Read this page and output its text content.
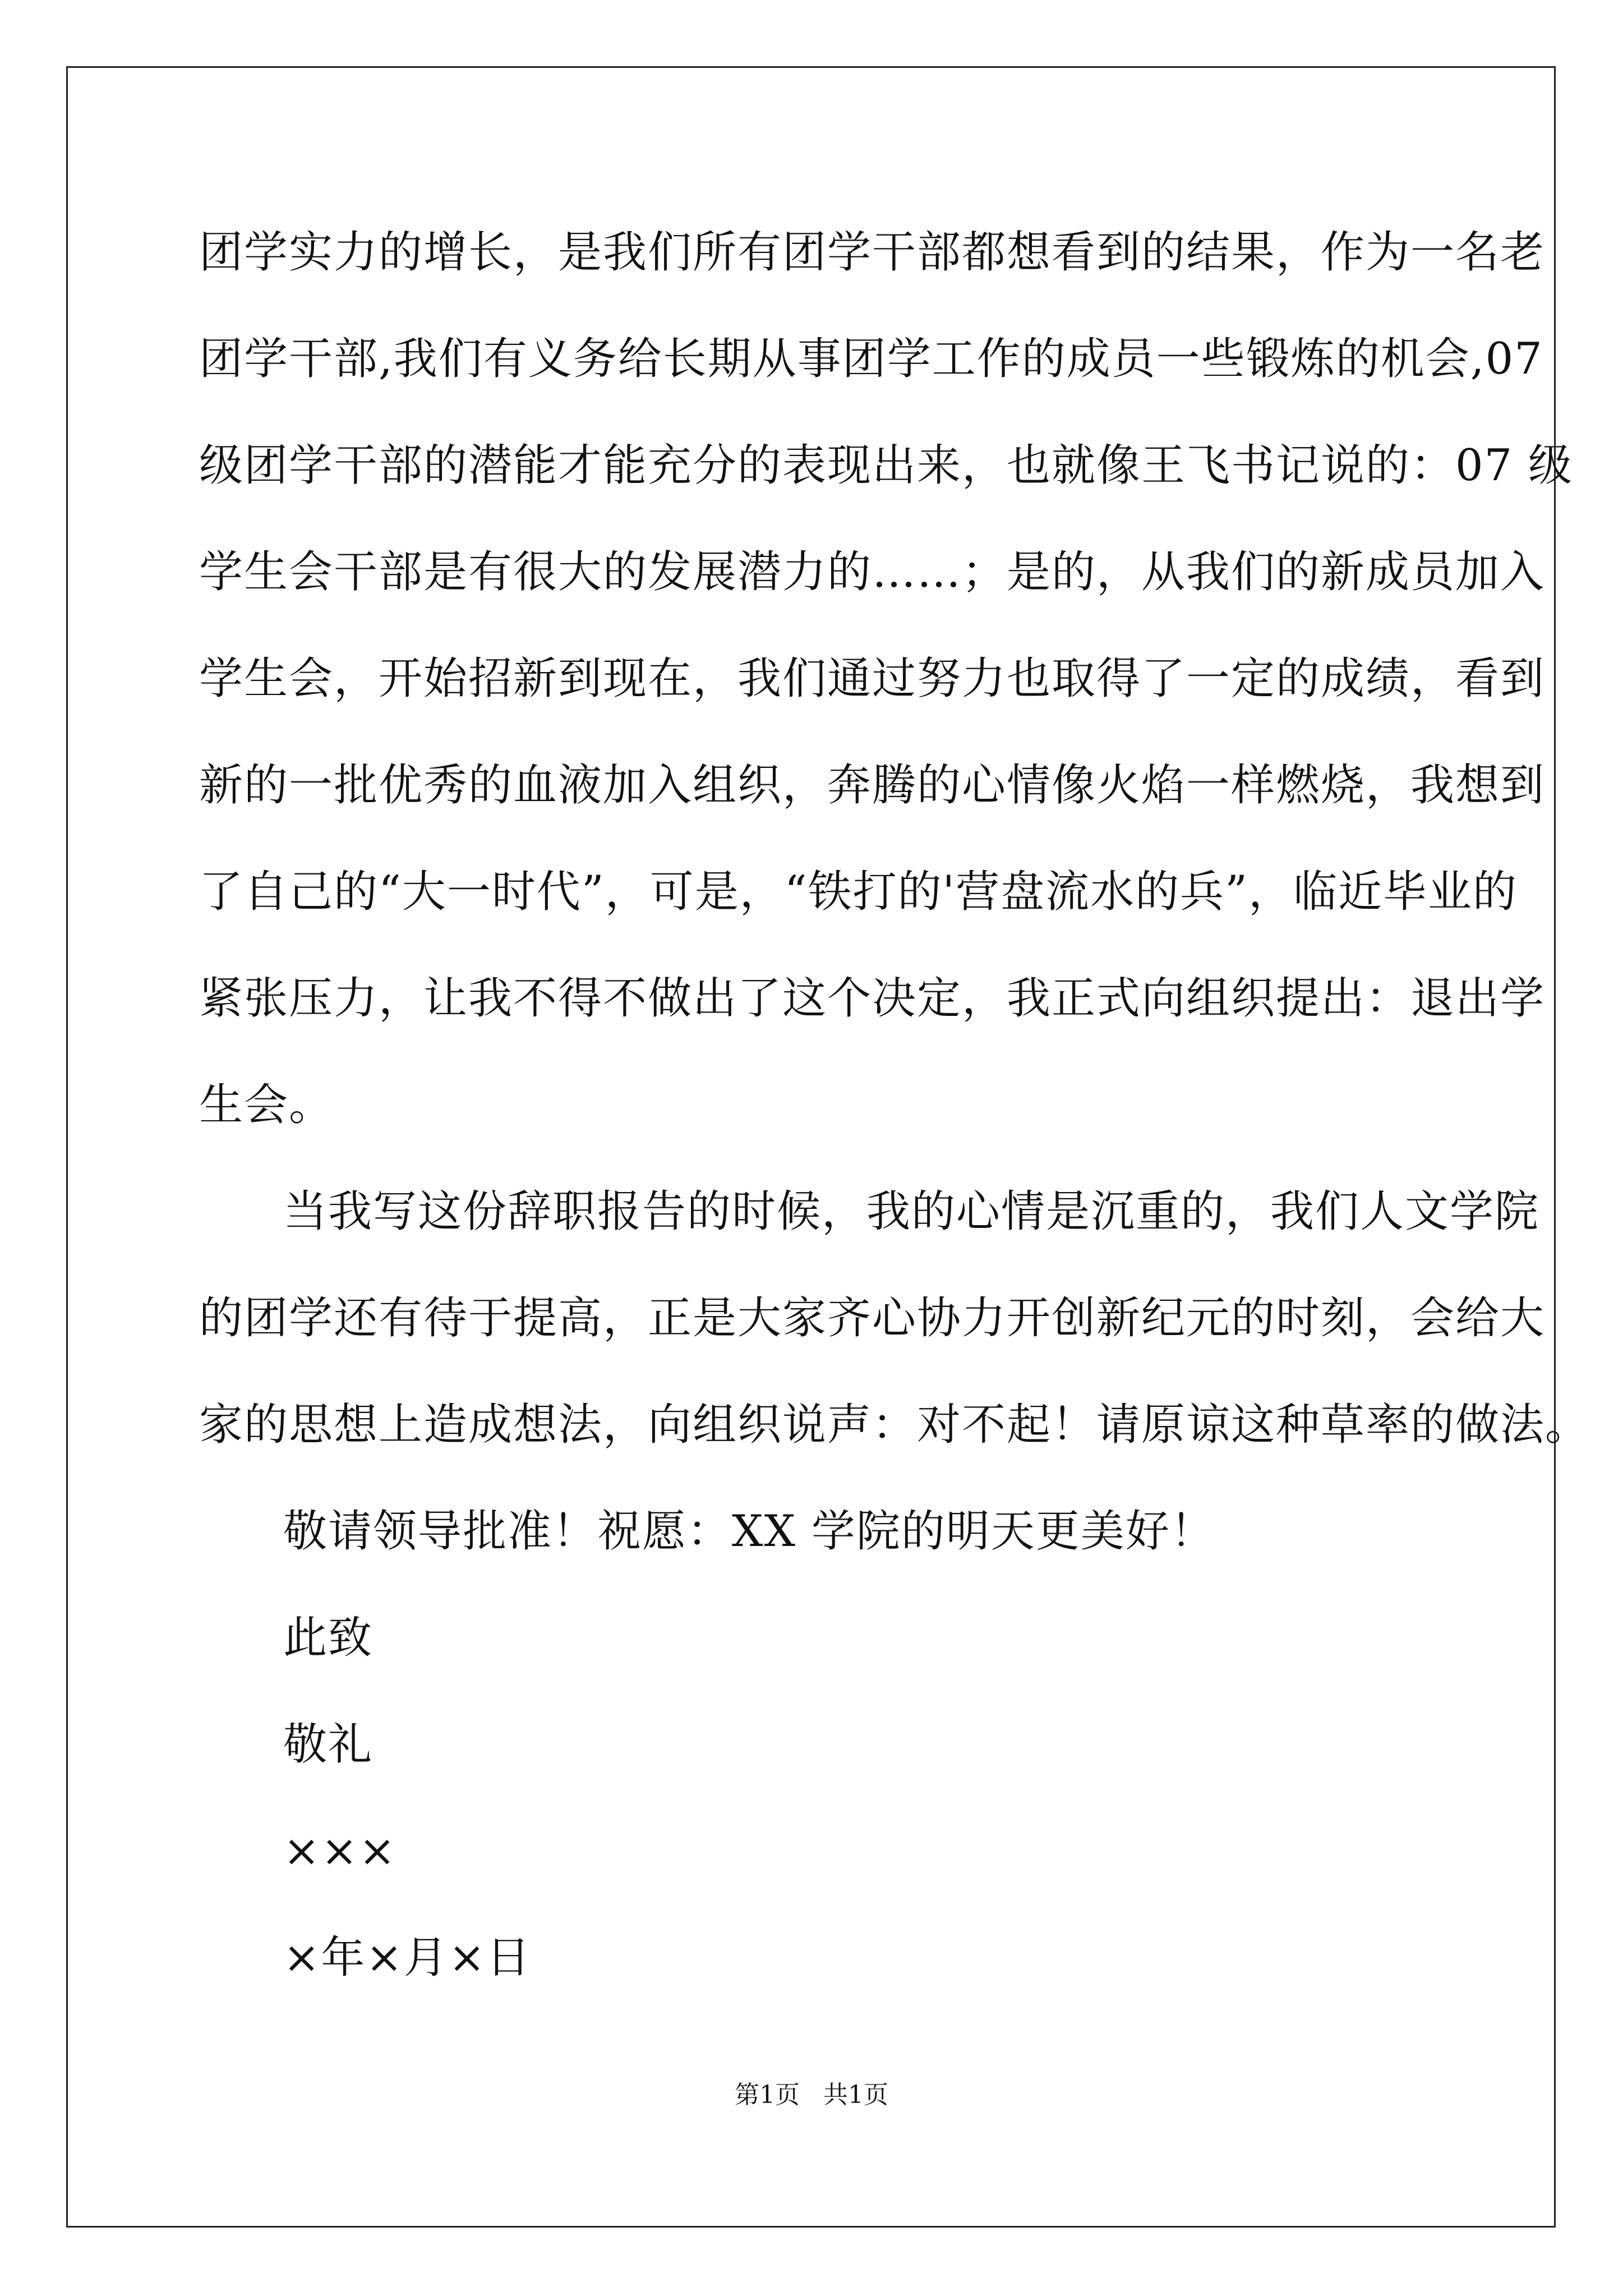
团学实力的增长，是我们所有团学干部都想看到的结果，作为一名老
团学干部,我们有义务给长期从事团学工作的成员一些锻炼的机会,07
级团学干部的潜能才能充分的表现出来，也就像王飞书记说的：07 级
学生会干部是有很大的发展潜力的……；是的，从我们的新成员加入
学生会，开始招新到现在，我们通过努力也取得了一定的成绩，看到
新的一批优秀的血液加入组织，奔腾的心情像火焰一样燃烧，我想到
了自己的“大一时代”，可是，“铁打的'营盘流水的兵”，临近毕业的
紧张压力，让我不得不做出了这个决定，我正式向组织提出：退出学
生会。
当我写这份辞职报告的时候，我的心情是沉重的，我们人文学院
的团学还有待于提高，正是大家齐心协力开创新纪元的时刻，会给大
家的思想上造成想法，向组织说声：对不起！请原谅这种草率的做法。
敬请领导批准！祝愿：XX 学院的明天更美好！
此致
敬礼
×××
×年×月×日
第1页   共1页
